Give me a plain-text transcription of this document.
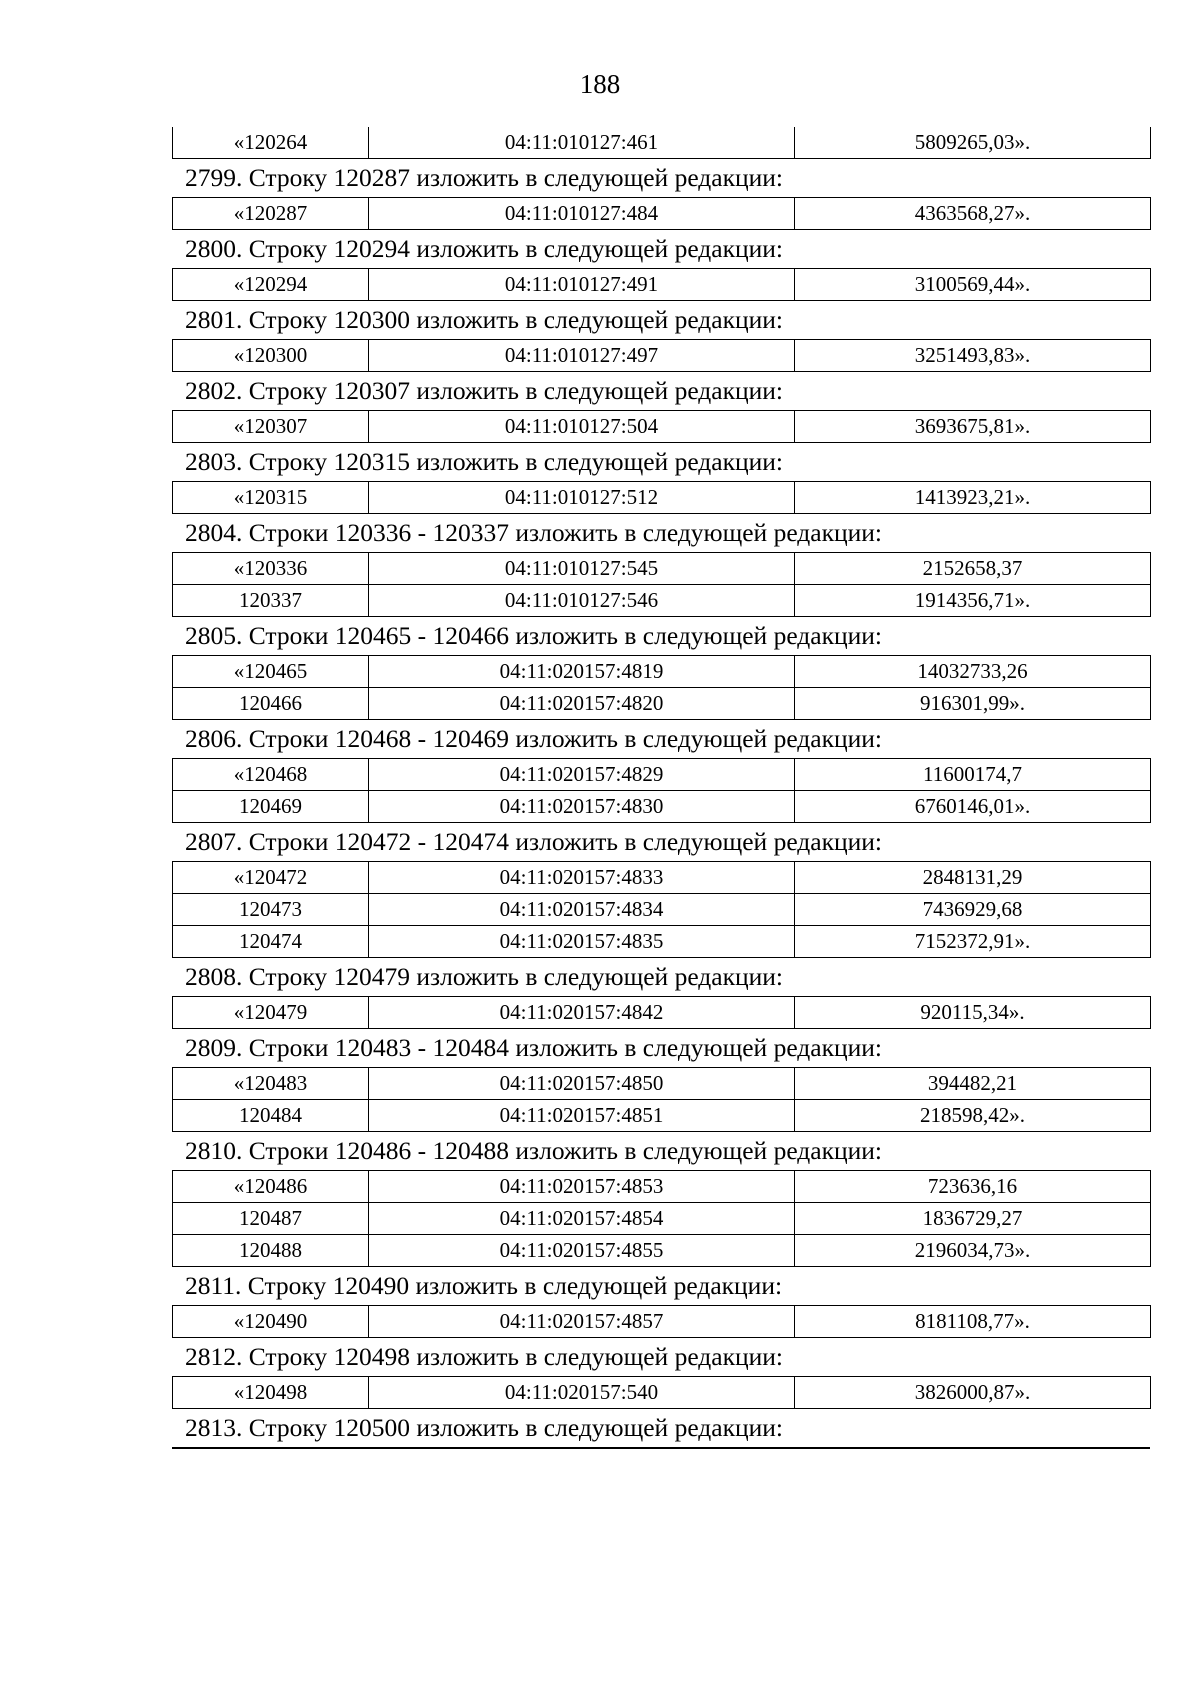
188
«120264	04:11:010127:461	5809265,03».
2799. Строку 120287 изложить в следующей редакции:
«120287	04:11:010127:484	4363568,27».
2800. Строку 120294 изложить в следующей редакции:
«120294	04:11:010127:491	3100569,44».
2801. Строку 120300 изложить в следующей редакции:
«120300	04:11:010127:497	3251493,83».
2802. Строку 120307 изложить в следующей редакции:
«120307	04:11:010127:504	3693675,81».
2803. Строку 120315 изложить в следующей редакции:
«120315	04:11:010127:512	1413923,21».
2804. Строки 120336 - 120337 изложить в следующей редакции:
«120336	04:11:010127:545	2152658,37
120337	04:11:010127:546	1914356,71».
2805. Строки 120465 - 120466 изложить в следующей редакции:
«120465	04:11:020157:4819	14032733,26
120466	04:11:020157:4820	916301,99».
2806. Строки 120468 - 120469 изложить в следующей редакции:
«120468	04:11:020157:4829	11600174,7
120469	04:11:020157:4830	6760146,01».
2807. Строки 120472 - 120474 изложить в следующей редакции:
«120472	04:11:020157:4833	2848131,29
120473	04:11:020157:4834	7436929,68
120474	04:11:020157:4835	7152372,91».
2808. Строку 120479 изложить в следующей редакции:
«120479	04:11:020157:4842	920115,34».
2809. Строки 120483 - 120484 изложить в следующей редакции:
«120483	04:11:020157:4850	394482,21
120484	04:11:020157:4851	218598,42».
2810. Строки 120486 - 120488 изложить в следующей редакции:
«120486	04:11:020157:4853	723636,16
120487	04:11:020157:4854	1836729,27
120488	04:11:020157:4855	2196034,73».
2811. Строку 120490 изложить в следующей редакции:
«120490	04:11:020157:4857	8181108,77».
2812. Строку 120498 изложить в следующей редакции:
«120498	04:11:020157:540	3826000,87».
2813. Строку 120500 изложить в следующей редакции:
